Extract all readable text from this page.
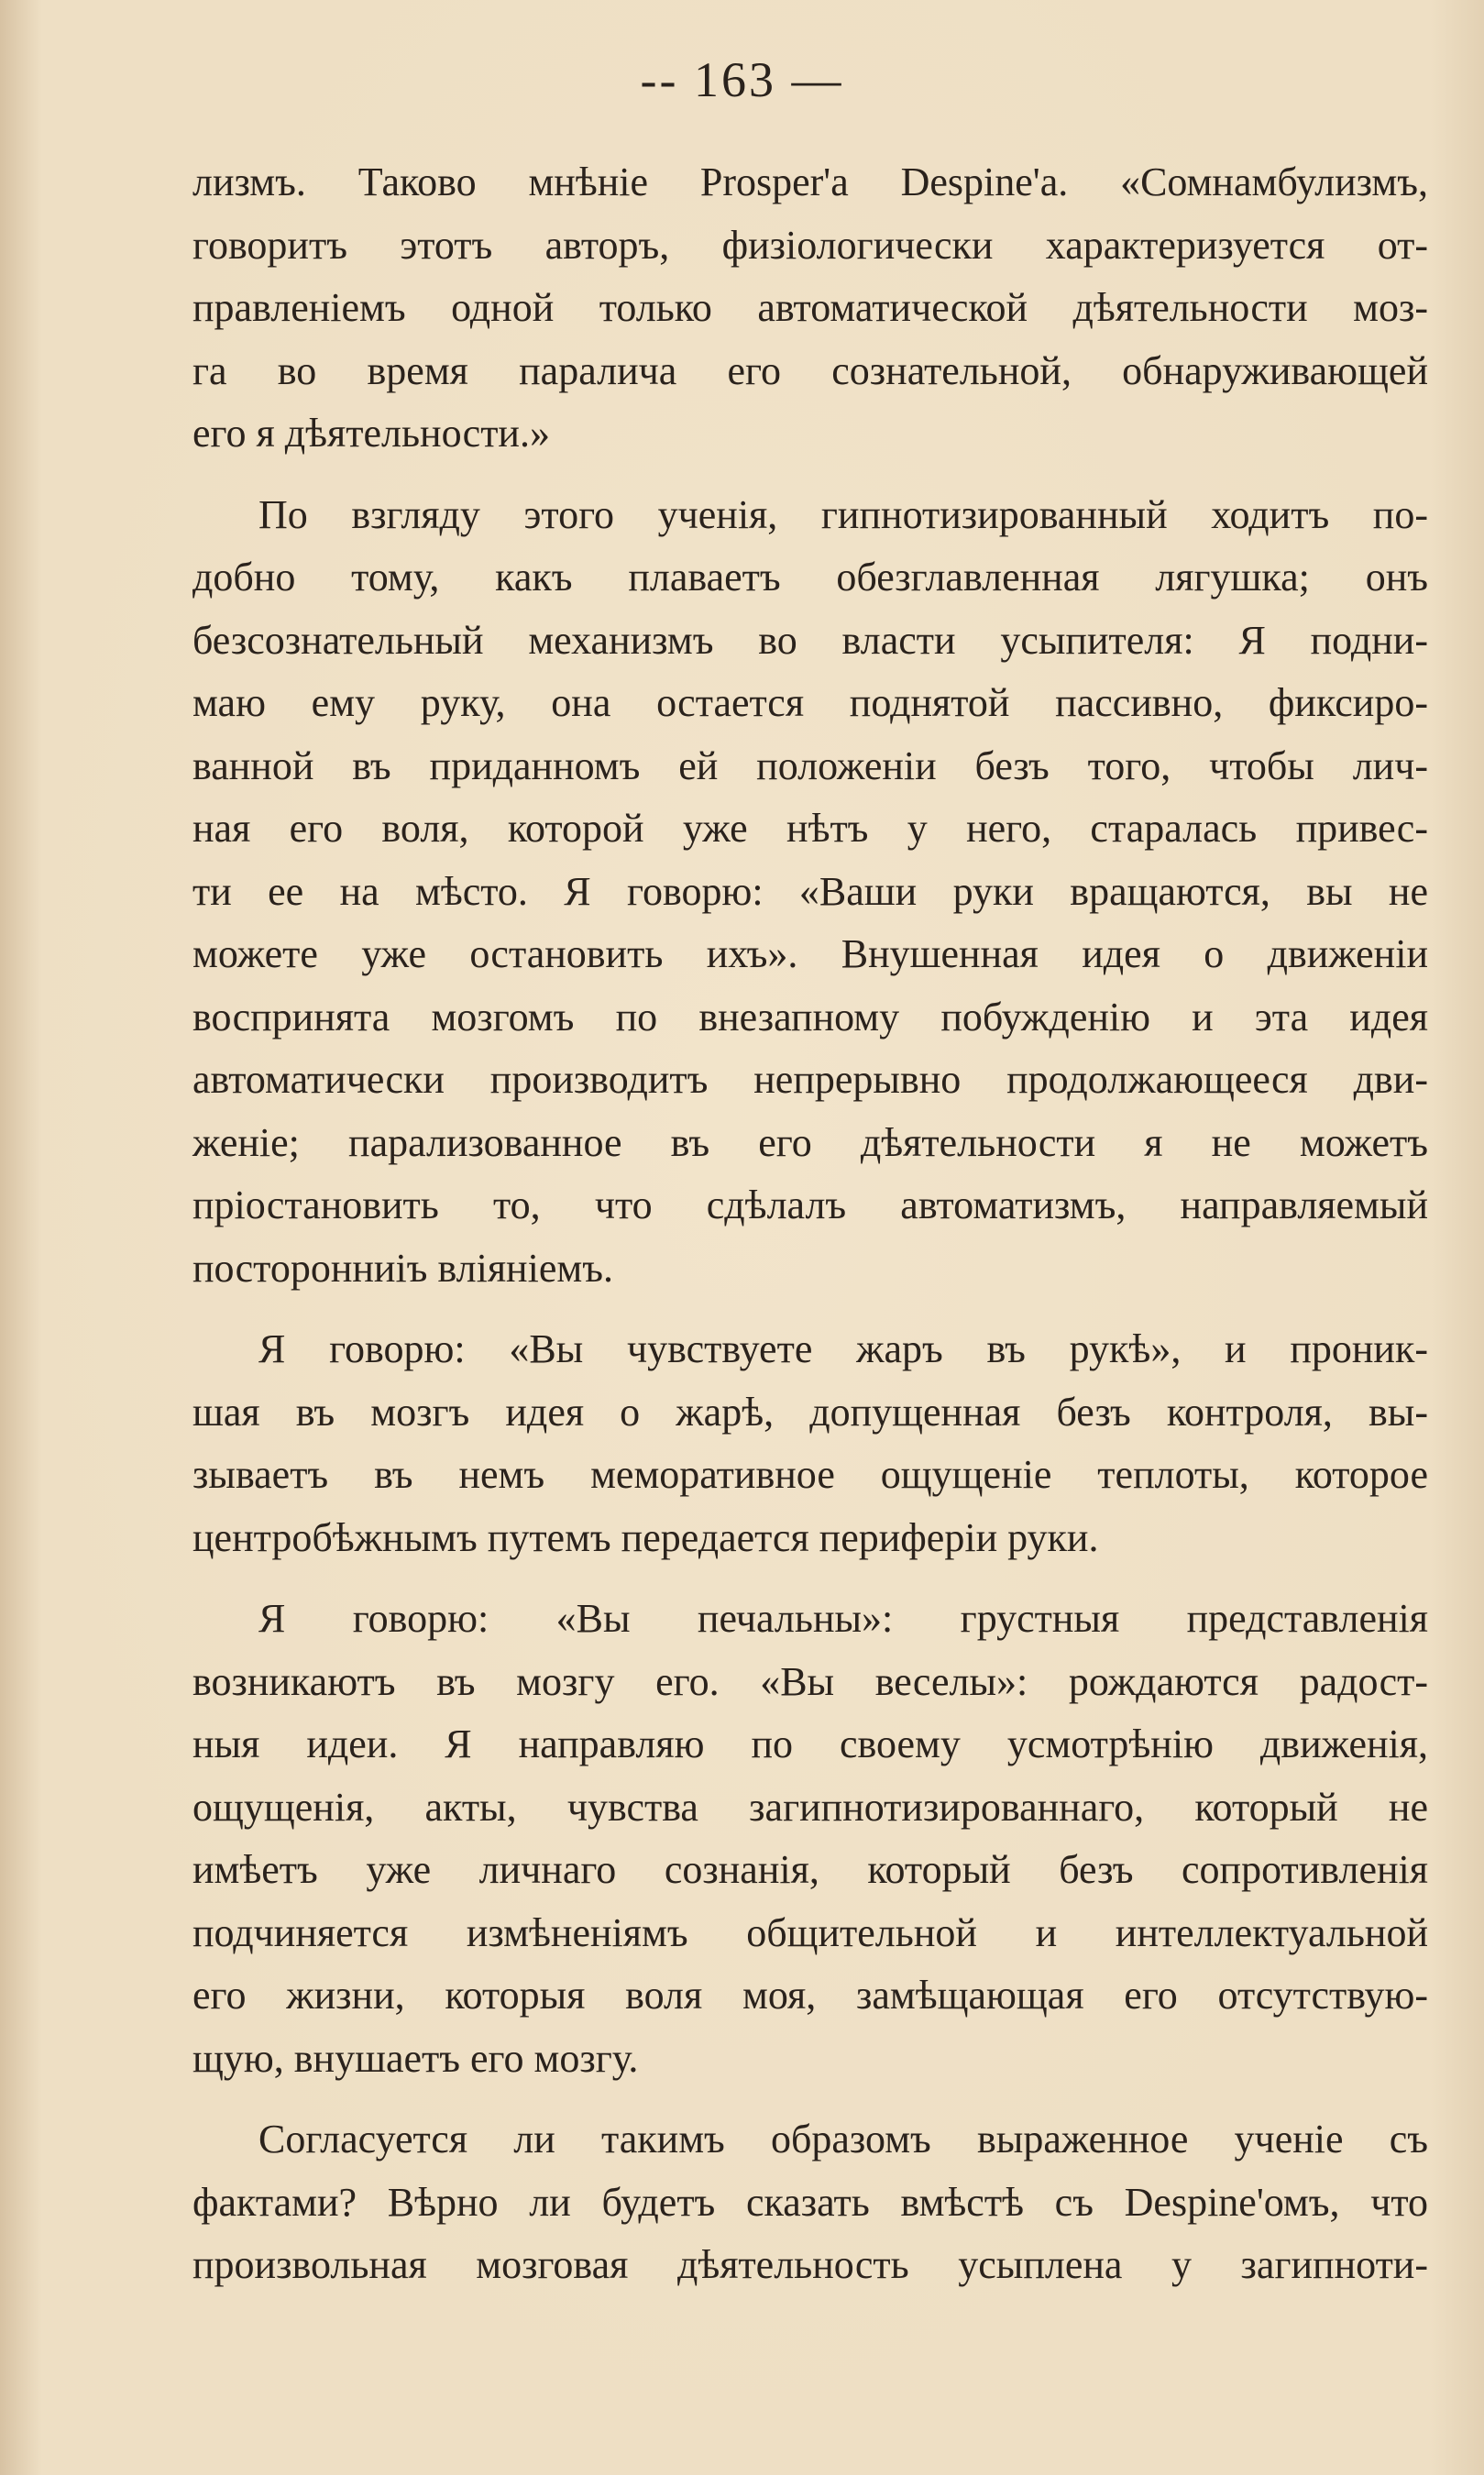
-- 163 —
лизмъ. Таково мнѣніе Prosper'а Despine'а. «Сомнамбулизмъ,
говоритъ этотъ авторъ, физіологически характеризуется от-
правленіемъ одной только автоматической дѣятельности моз-
га во время паралича его сознательной, обнаруживающей
его я дѣятельности.»
По взгляду этого ученія, гипнотизированный ходитъ по-
добно тому, какъ плаваетъ обезглавленная лягушка; онъ
безсознательный механизмъ во власти усыпителя: Я подни-
маю ему руку, она остается поднятой пассивно, фиксиро-
ванной въ приданномъ ей положеніи безъ того, чтобы лич-
ная его воля, которой уже нѣтъ у него, старалась привес-
ти ее на мѣсто. Я говорю: «Ваши руки вращаются, вы не
можете уже остановить ихъ». Внушенная идея о движеніи
воспринята мозгомъ по внезапному побужденію и эта идея
автоматически производитъ непрерывно продолжающееся дви-
женіе; парализованное въ его дѣятельности я не можетъ
пріостановить то, что сдѣлалъ автоматизмъ, направляемый
посторонниіъ вліяніемъ.
Я говорю: «Вы чувствуете жаръ въ рукѣ», и проник-
шая въ мозгъ идея о жарѣ, допущенная безъ контроля, вы-
зываетъ въ немъ меморативное ощущеніе теплоты, которое
центробѣжнымъ путемъ передается периферіи руки.
Я говорю: «Вы печальны»: грустныя представленія
возникаютъ въ мозгу его. «Вы веселы»: рождаются радост-
ныя идеи. Я направляю по своему усмотрѣнію движенія,
ощущенія, акты, чувства загипнотизированнаго, который не
имѣетъ уже личнаго сознанія, который безъ сопротивленія
подчиняется измѣненіямъ общительной и интеллектуальной
его жизни, которыя воля моя, замѣщающая его отсутствую-
щую, внушаетъ его мозгу.
Согласуется ли такимъ образомъ выраженное ученіе съ
фактами? Вѣрно ли будетъ сказать вмѣстѣ съ Despine'омъ, что
произвольная мозговая дѣятельность усыплена у загипноти-
